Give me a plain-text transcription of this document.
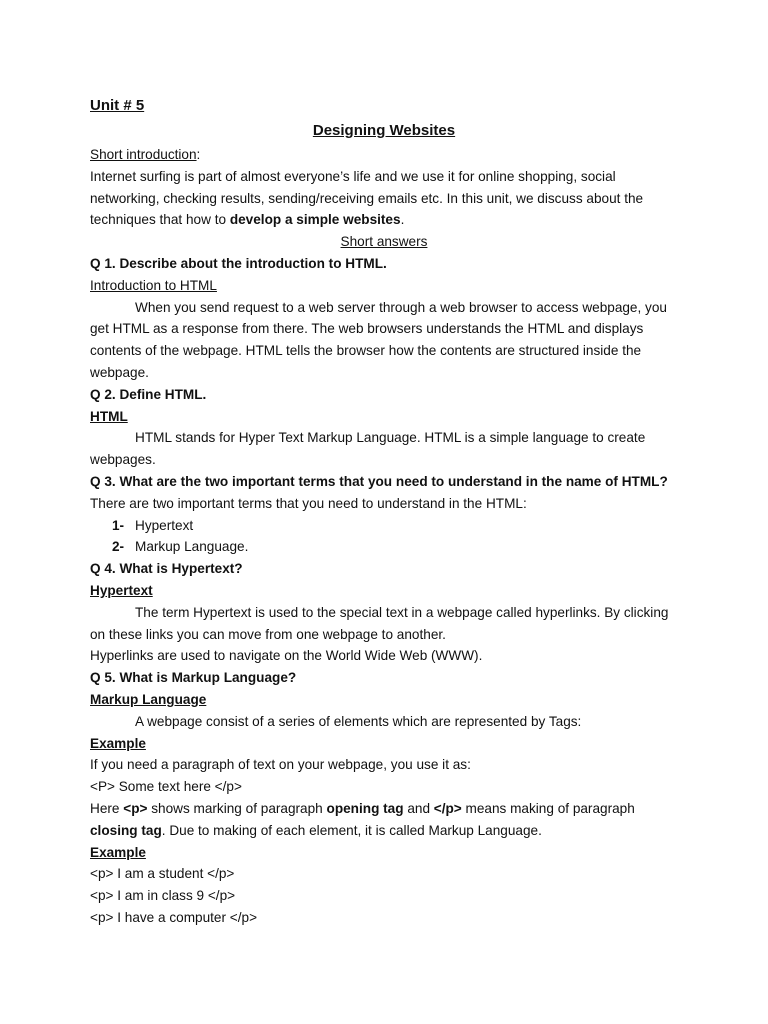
Unit # 5
Designing Websites
Short introduction:
Internet surfing is part of almost everyone’s life and we use it for online shopping, social
networking, checking results, sending/receiving emails etc. In this unit, we discuss about the
techniques that how to develop a simple websites.
Short answers
Q 1. Describe about the introduction to HTML.
Introduction to HTML
When you send request to a web server through a web browser to access webpage, you
get HTML as a response from there. The web browsers understands the HTML and displays
contents of the webpage. HTML tells the browser how the contents are structured inside the
webpage.
Q 2. Define HTML.
HTML
HTML stands for Hyper Text Markup Language. HTML is a simple language to create
webpages.
Q 3. What are the two important terms that you need to understand in the name of HTML?
There are two important terms that you need to understand in the HTML:
1- Hypertext
2- Markup Language.
Q 4. What is Hypertext?
Hypertext
The term Hypertext is used to the special text in a webpage called hyperlinks. By clicking
on these links you can move from one webpage to another.
Hyperlinks are used to navigate on the World Wide Web (WWW).
Q 5. What is Markup Language?
Markup Language
A webpage consist of a series of elements which are represented by Tags:
Example
If you need a paragraph of text on your webpage, you use it as:
<P> Some text here </p>
Here <p> shows marking of paragraph opening tag and </p> means making of paragraph
closing tag. Due to making of each element, it is called Markup Language.
Example
<p> I am a student </p>
<p> I am in class 9 </p>
<p> I have a computer </p>
